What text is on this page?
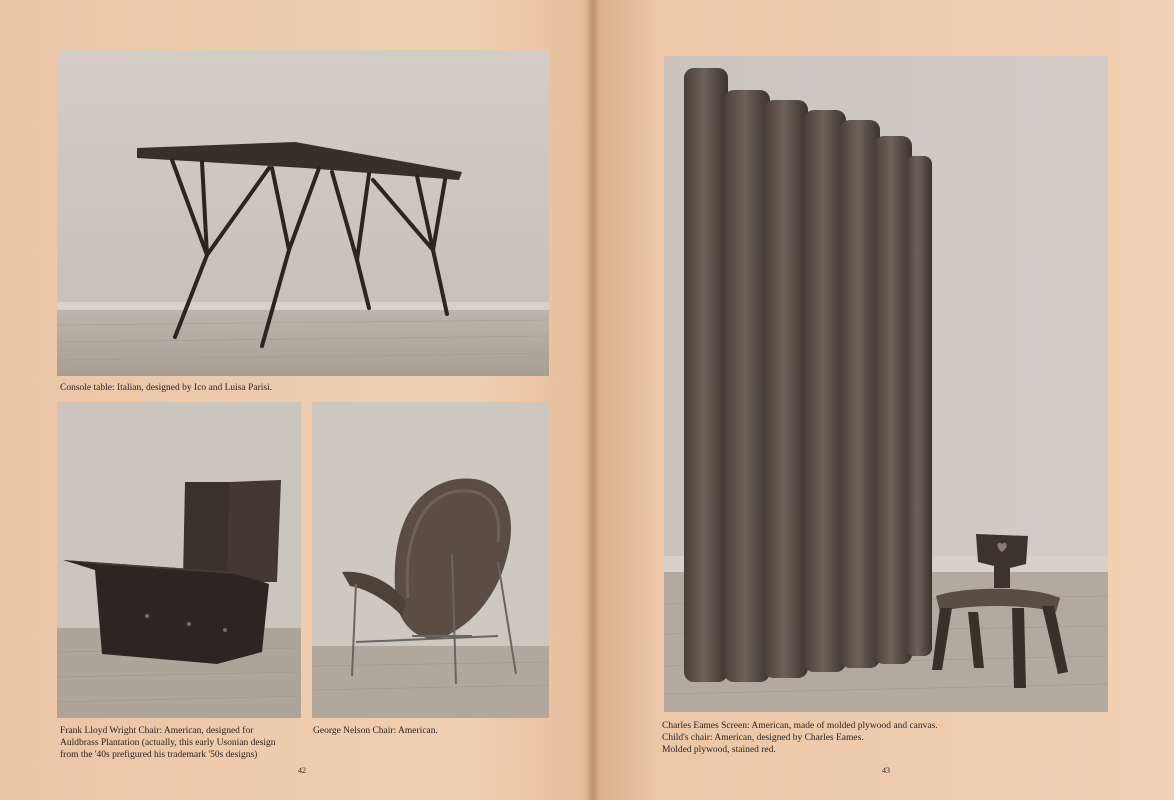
Console table: Italian, designed by Ico and Luisa Parisi.
Frank Lloyd Wright Chair: American, designed for
Auldbrass Plantation (actually, this early Usonian design
from the '40s prefigured his trademark '50s designs)
George Nelson Chair: American.
42
Charles Eames Screen: American, made of molded plywood and canvas.
Child's chair: American, designed by Charles Eames.
Molded plywood, stained red.
43
